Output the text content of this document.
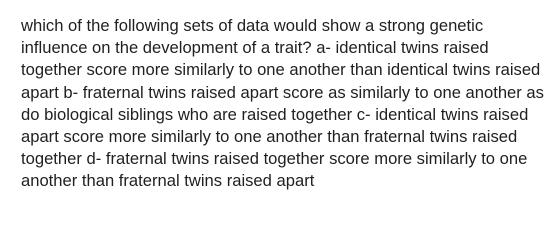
which of the following sets of data would show a strong genetic influence on the development of a trait? a- identical twins raised together score more similarly to one another than identical twins raised apart b- fraternal twins raised apart score as similarly to one another as do biological siblings who are raised together c- identical twins raised apart score more similarly to one another than fraternal twins raised together d- fraternal twins raised together score more similarly to one another than fraternal twins raised apart
